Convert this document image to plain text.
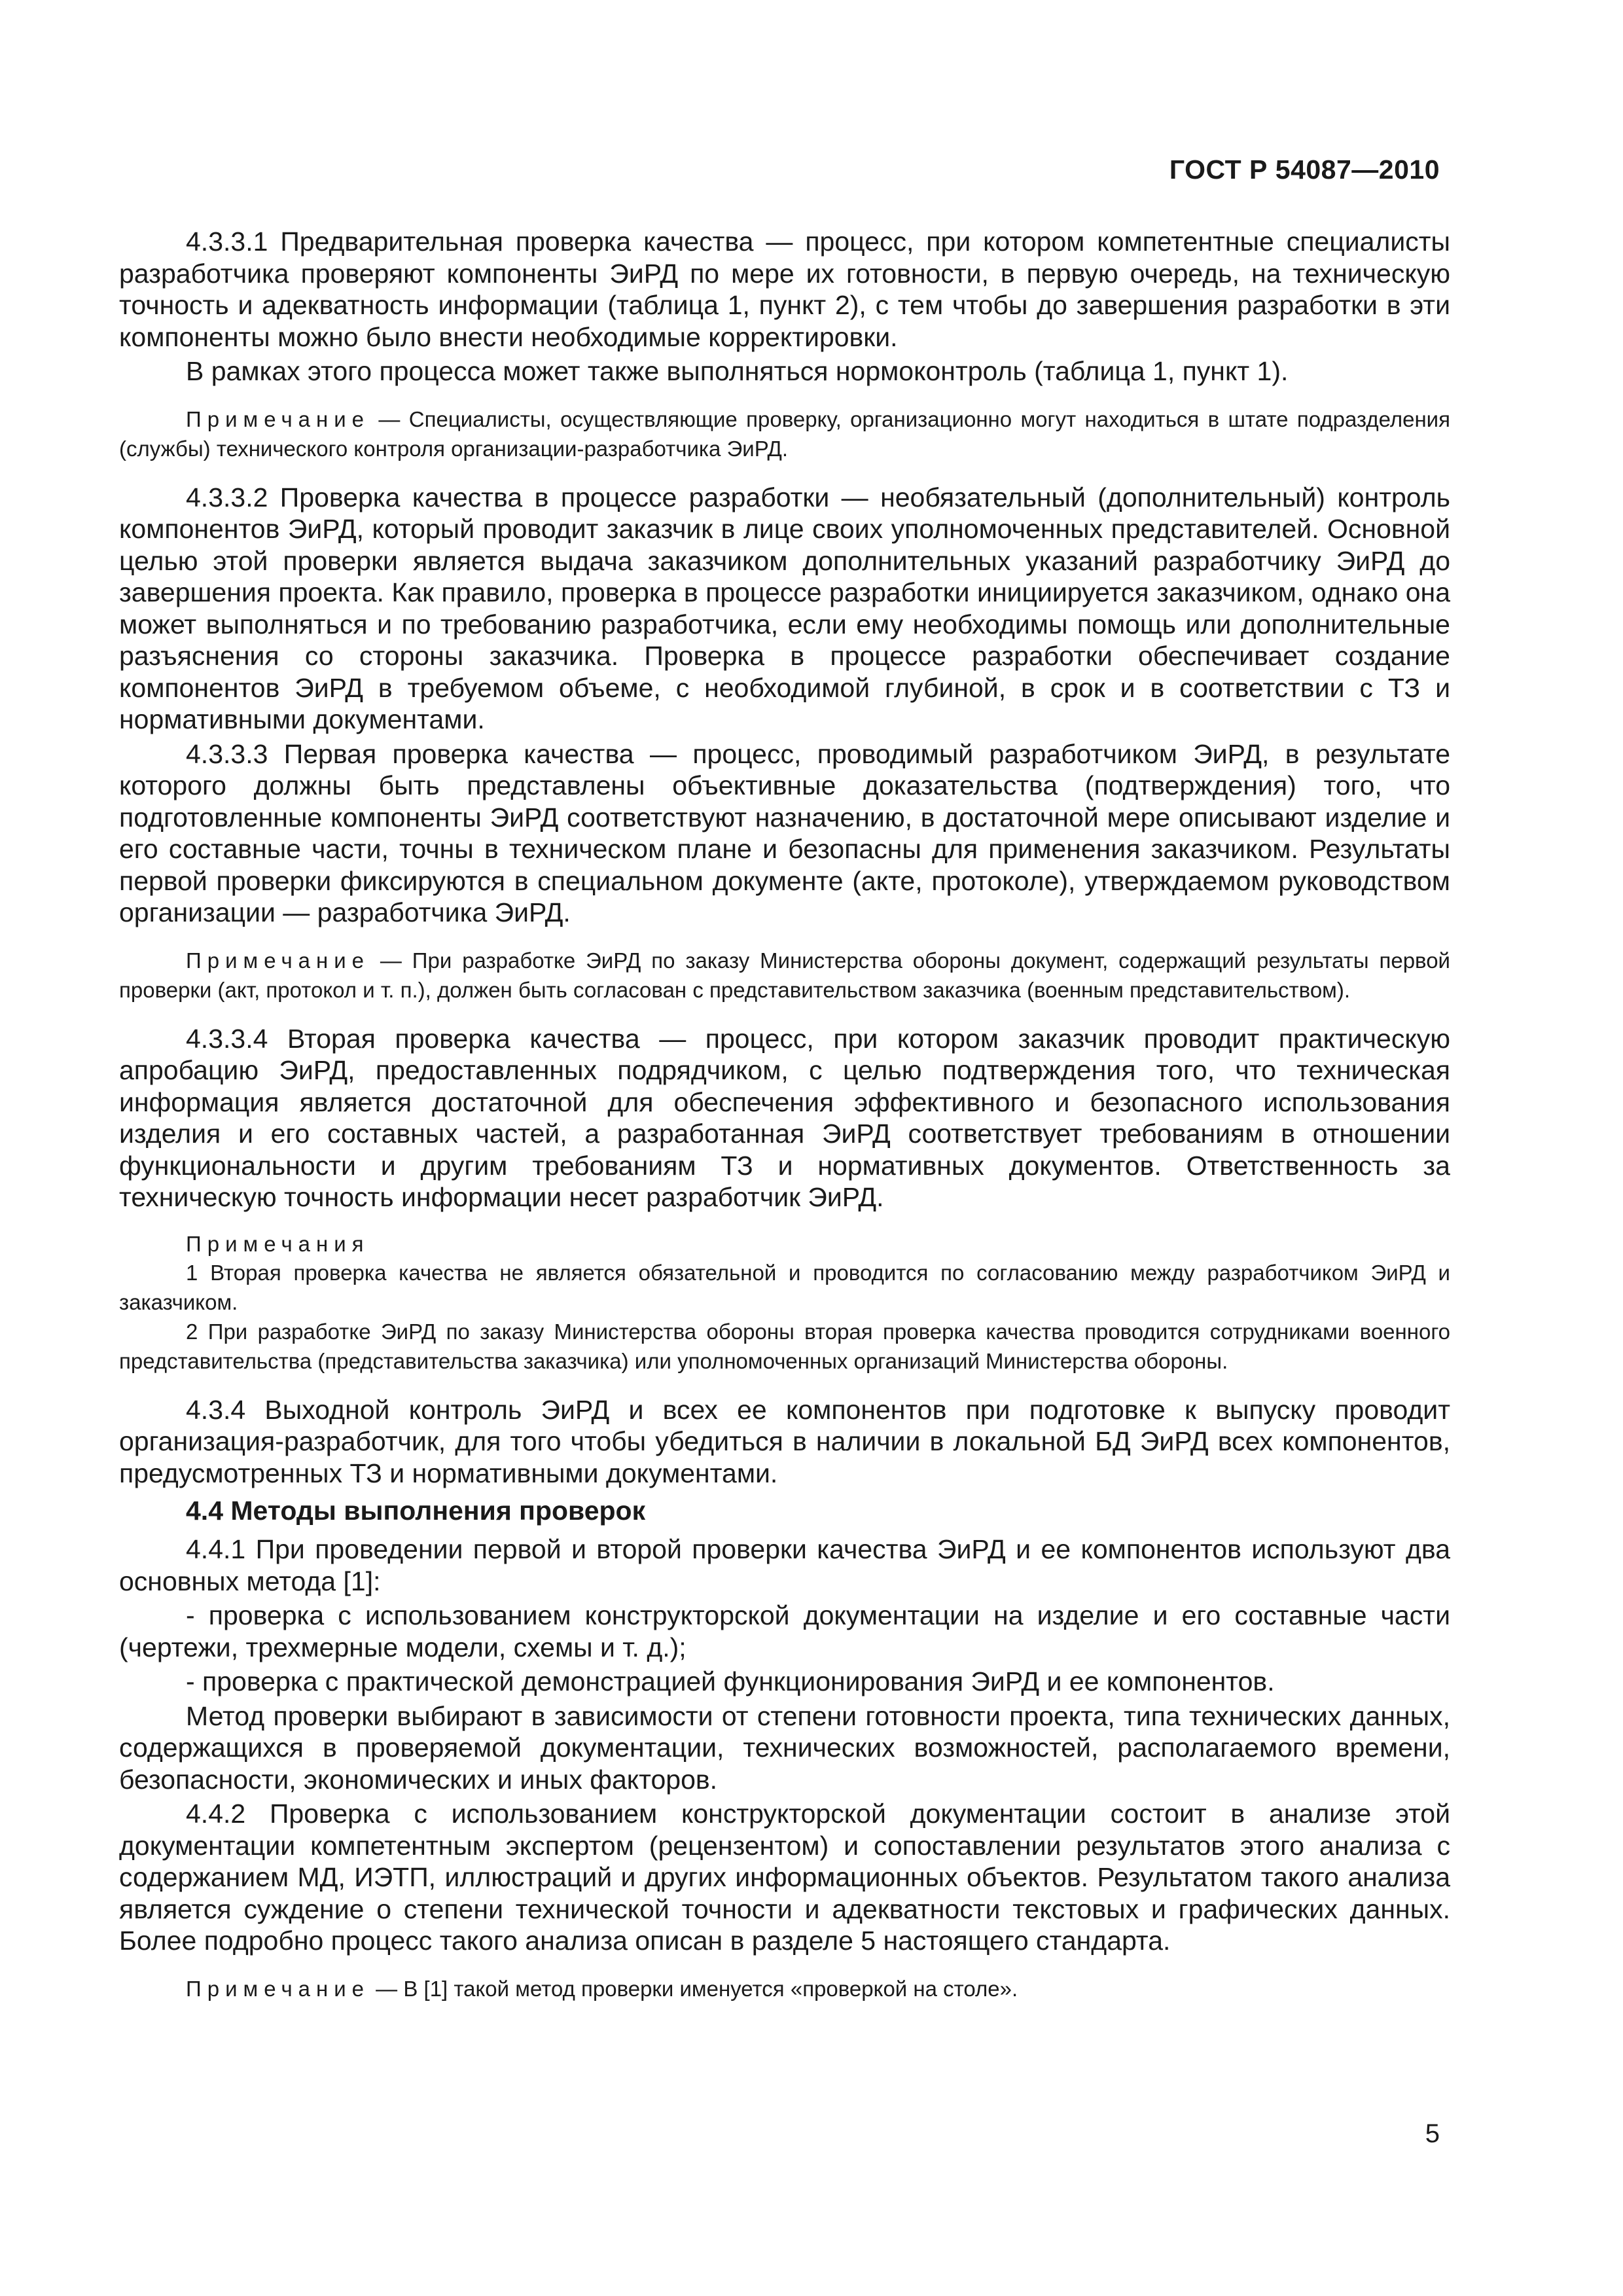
ГОСТ Р 54087—2010

4.3.3.1 Предварительная проверка качества — процесс, при котором компетентные специалисты разработчика проверяют компоненты ЭиРД по мере их готовности, в первую очередь, на техническую точность и адекватность информации (таблица 1, пункт 2), с тем чтобы до завершения разработки в эти компоненты можно было внести необходимые корректировки.

В рамках этого процесса может также выполняться нормоконтроль (таблица 1, пункт 1).

Примечание — Специалисты, осуществляющие проверку, организационно могут находиться в штате подразделения (службы) технического контроля организации-разработчика ЭиРД.

4.3.3.2 Проверка качества в процессе разработки — необязательный (дополнительный) контроль компонентов ЭиРД, который проводит заказчик в лице своих уполномоченных представителей. Основной целью этой проверки является выдача заказчиком дополнительных указаний разработчику ЭиРД до завершения проекта. Как правило, проверка в процессе разработки инициируется заказчиком, однако она может выполняться и по требованию разработчика, если ему необходимы помощь или дополнительные разъяснения со стороны заказчика. Проверка в процессе разработки обеспечивает создание компонентов ЭиРД в требуемом объеме, с необходимой глубиной, в срок и в соответствии с ТЗ и нормативными документами.

4.3.3.3 Первая проверка качества — процесс, проводимый разработчиком ЭиРД, в результате которого должны быть представлены объективные доказательства (подтверждения) того, что подготовленные компоненты ЭиРД соответствуют назначению, в достаточной мере описывают изделие и его составные части, точны в техническом плане и безопасны для применения заказчиком. Результаты первой проверки фиксируются в специальном документе (акте, протоколе), утверждаемом руководством организации — разработчика ЭиРД.

Примечание — При разработке ЭиРД по заказу Министерства обороны документ, содержащий результаты первой проверки (акт, протокол и т. п.), должен быть согласован с представительством заказчика (военным представительством).

4.3.3.4 Вторая проверка качества — процесс, при котором заказчик проводит практическую апробацию ЭиРД, предоставленных подрядчиком, с целью подтверждения того, что техническая информация является достаточной для обеспечения эффективного и безопасного использования изделия и его составных частей, а разработанная ЭиРД соответствует требованиям в отношении функциональности и другим требованиям ТЗ и нормативных документов. Ответственность за техническую точность информации несет разработчик ЭиРД.

Примечания

1 Вторая проверка качества не является обязательной и проводится по согласованию между разработчиком ЭиРД и заказчиком.

2 При разработке ЭиРД по заказу Министерства обороны вторая проверка качества проводится сотрудниками военного представительства (представительства заказчика) или уполномоченных организаций Министерства обороны.

4.3.4 Выходной контроль ЭиРД и всех ее компонентов при подготовке к выпуску проводит организация-разработчик, для того чтобы убедиться в наличии в локальной БД ЭиРД всех компонентов, предусмотренных ТЗ и нормативными документами.

4.4 Методы выполнения проверок

4.4.1 При проведении первой и второй проверки качества ЭиРД и ее компонентов используют два основных метода [1]:

- проверка с использованием конструкторской документации на изделие и его составные части (чертежи, трехмерные модели, схемы и т. д.);

- проверка с практической демонстрацией функционирования ЭиРД и ее компонентов.

Метод проверки выбирают в зависимости от степени готовности проекта, типа технических данных, содержащихся в проверяемой документации, технических возможностей, располагаемого времени, безопасности, экономических и иных факторов.

4.4.2 Проверка с использованием конструкторской документации состоит в анализе этой документации компетентным экспертом (рецензентом) и сопоставлении результатов этого анализа с содержанием МД, ИЭТП, иллюстраций и других информационных объектов. Результатом такого анализа является суждение о степени технической точности и адекватности текстовых и графических данных. Более подробно процесс такого анализа описан в разделе 5 настоящего стандарта.

Примечание — В [1] такой метод проверки именуется «проверкой на столе».

5
